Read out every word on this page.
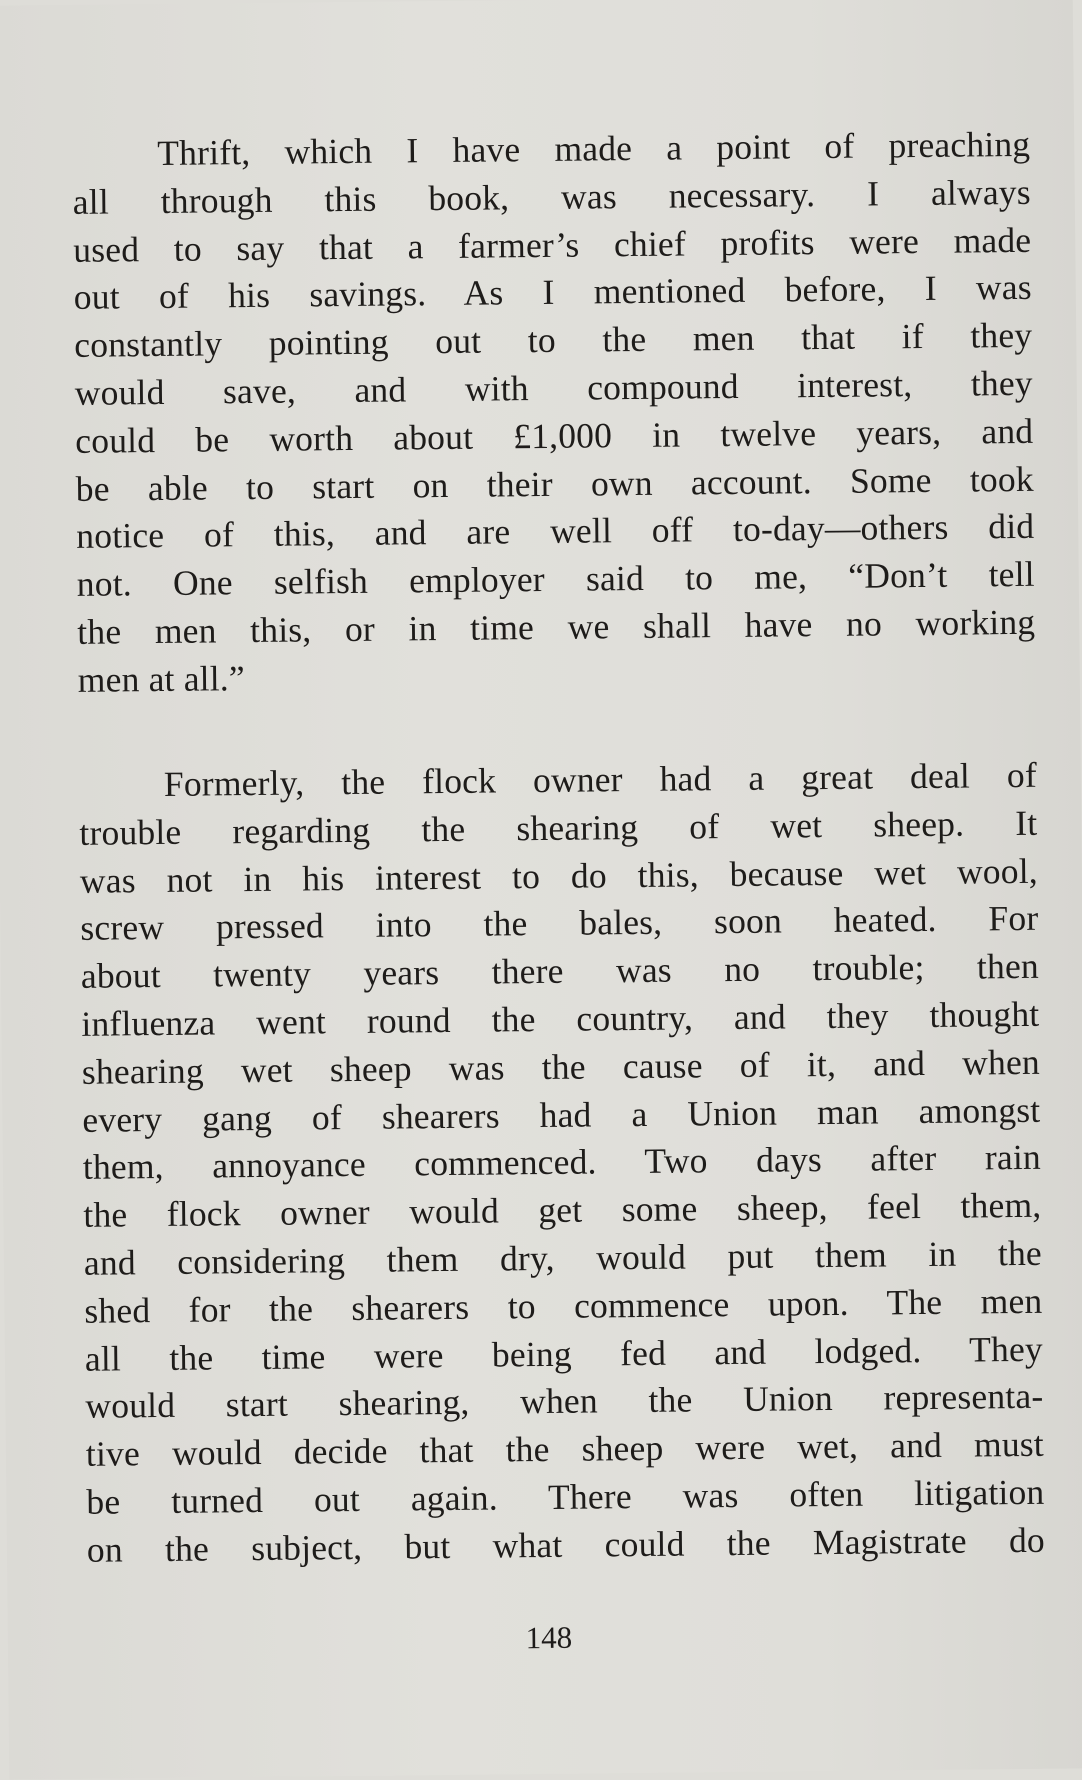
Thrift, which I have made a point of preaching
all through this book, was necessary. I always
used to say that a farmer’s chief profits were made
out of his savings. As I mentioned before, I was
constantly pointing out to the men that if they
would save, and with compound interest, they
could be worth about £1,000 in twelve years, and
be able to start on their own account. Some took
notice of this, and are well off to-day—others did
not. One selfish employer said to me, “Don’t tell
the men this, or in time we shall have no working
men at all.”
Formerly, the flock owner had a great deal of
trouble regarding the shearing of wet sheep. It
was not in his interest to do this, because wet wool,
screw pressed into the bales, soon heated. For
about twenty years there was no trouble; then
influenza went round the country, and they thought
shearing wet sheep was the cause of it, and when
every gang of shearers had a Union man amongst
them, annoyance commenced. Two days after rain
the flock owner would get some sheep, feel them,
and considering them dry, would put them in the
shed for the shearers to commence upon. The men
all the time were being fed and lodged. They
would start shearing, when the Union representa-
tive would decide that the sheep were wet, and must
be turned out again. There was often litigation
on the subject, but what could the Magistrate do
148
